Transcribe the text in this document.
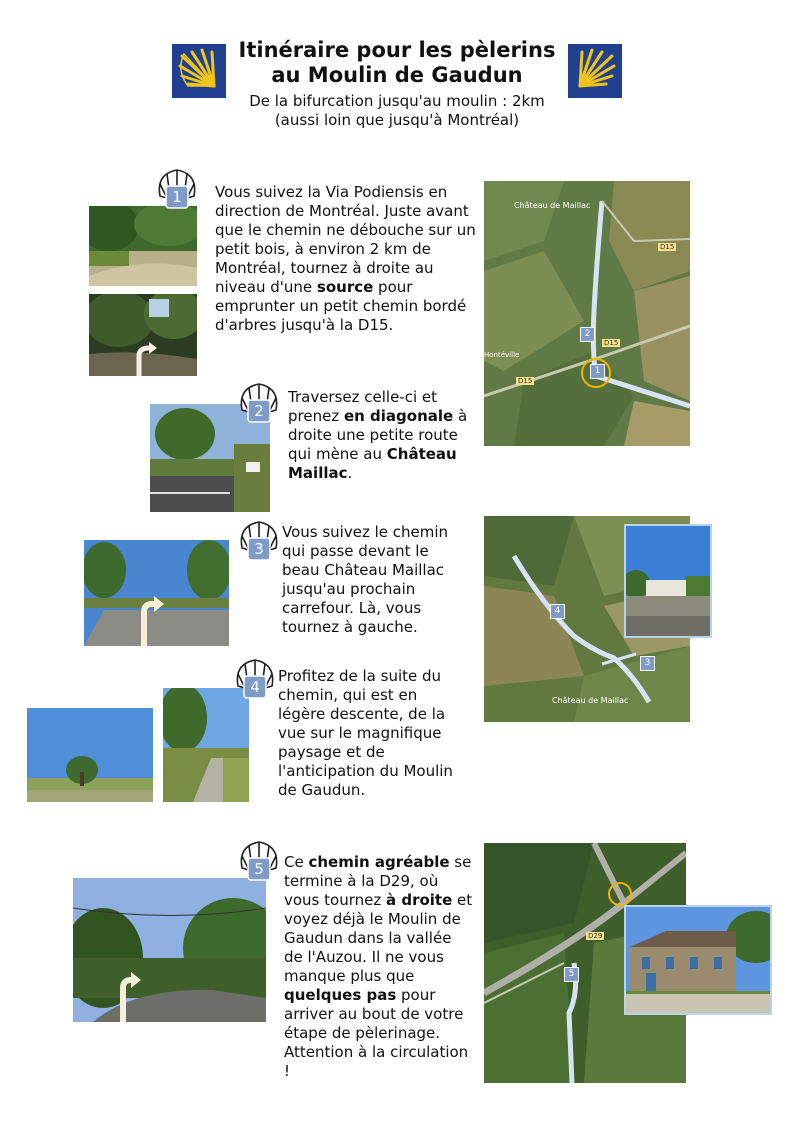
Itinéraire pour les pèlerins
au Moulin de Gaudun
De la bifurcation jusqu'au moulin : 2km
(aussi loin que jusqu'à Montréal)
1	Vous suivez la Via Podiensis en direction de Montréal. Juste avant que le chemin ne débouche sur un petit bois, à environ 2 km de Montréal, tournez à droite au niveau d'une source pour emprunter un petit chemin bordé d'arbres jusqu'à la D15.

Château de Maillac
D15
D15
D15
Hontéville
2
1
2

Traversez celle-ci et prenez en diagonale à droite une petite route qui mène au Château Maillac.

3

Vous suivez le chemin qui passe devant le beau Château Maillac jusqu'au prochain carrefour. Là, vous tournez à gauche.

Château de Maillac
4
3
4

Profitez de la suite du chemin, qui est en légère descente, de la vue sur le magnifique paysage et de l'anticipation du Moulin de Gaudun.

5	Ce chemin agréable se termine à la D29, où vous tournez à droite et voyez déjà le Moulin de Gaudun dans la vallée de l'Auzou. Il ne vous manque plus que quelques pas pour arriver au bout de votre étape de pèlerinage. Attention à la circulation !

D29
5
